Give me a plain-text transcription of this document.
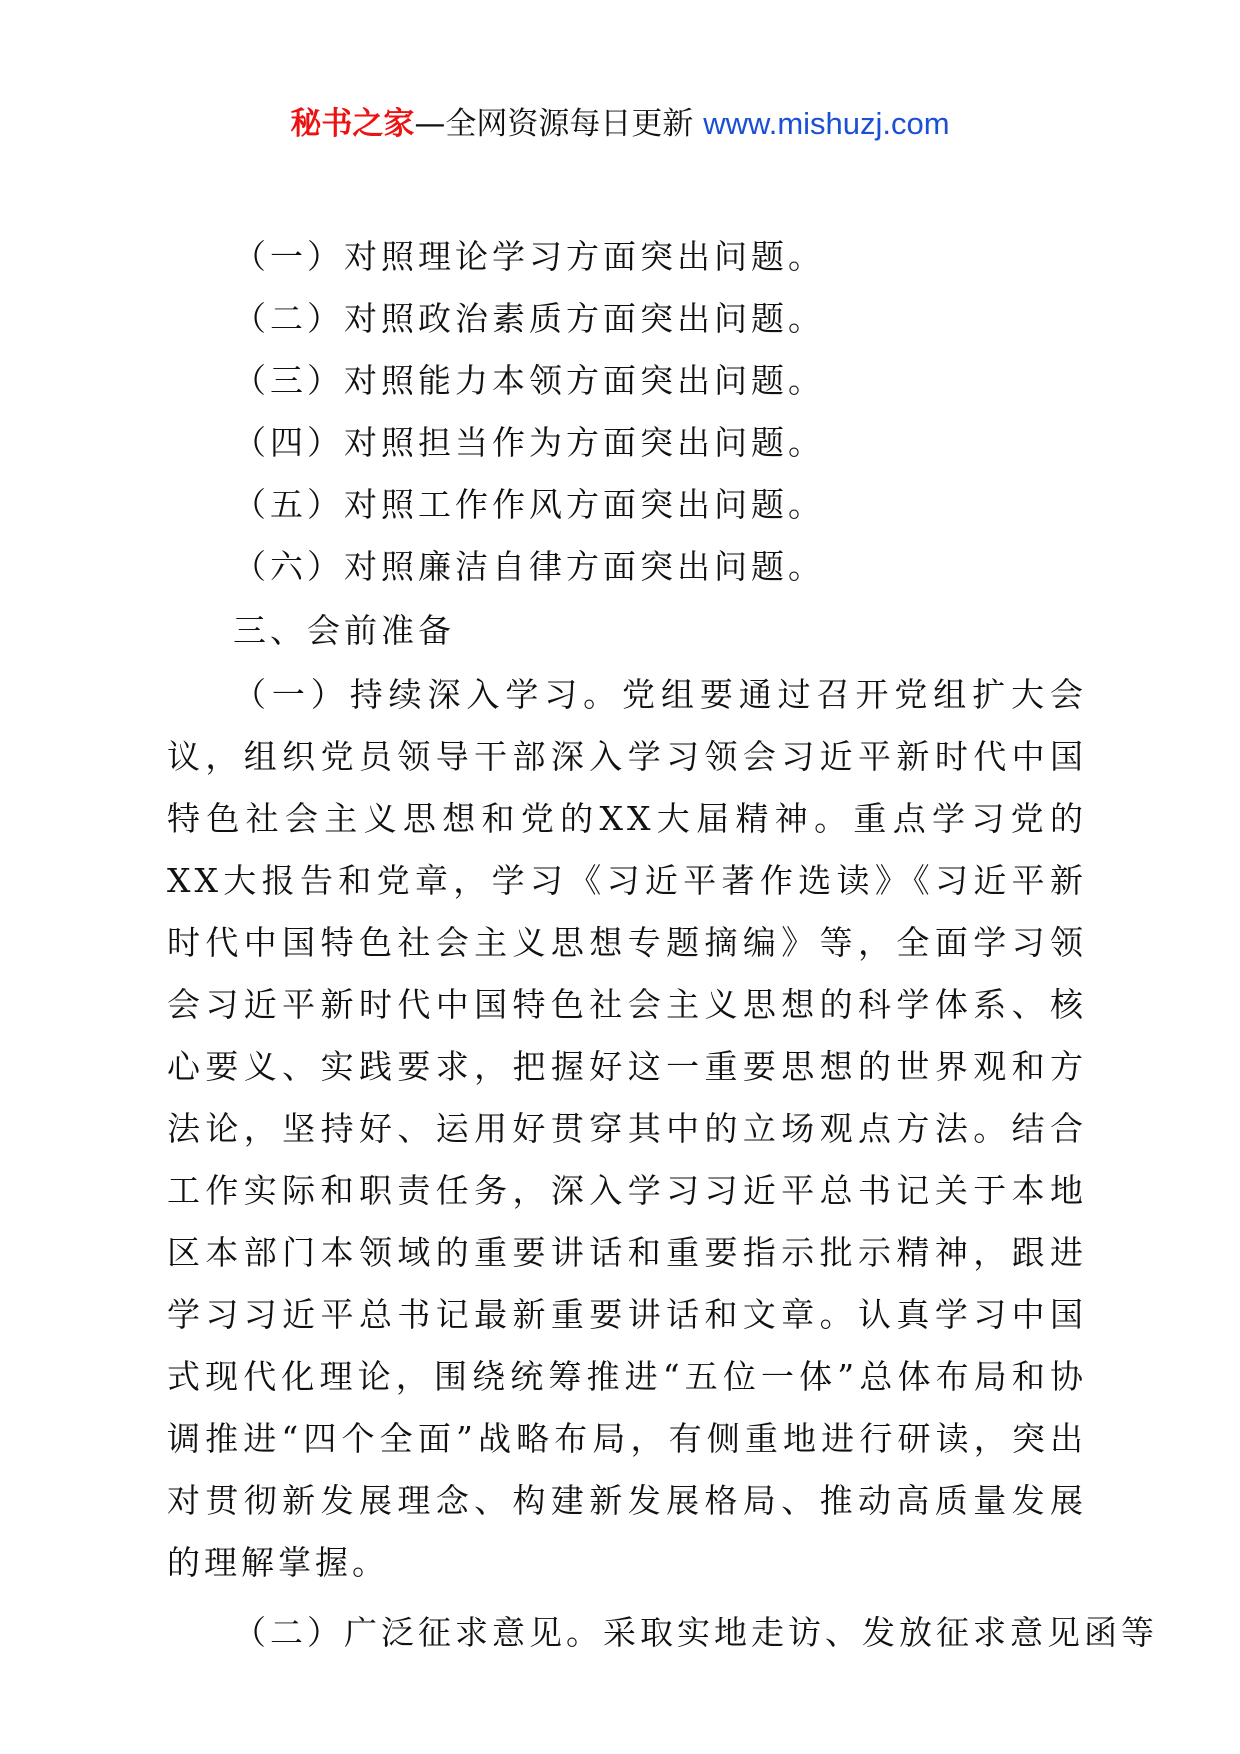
秘书之家—全网资源每日更新 www.mishuzj.com
（一）对照理论学习方面突出问题。
（二）对照政治素质方面突出问题。
（三）对照能力本领方面突出问题。
（四）对照担当作为方面突出问题。
（五）对照工作作风方面突出问题。
（六）对照廉洁自律方面突出问题。
三、会前准备

（一）持续深入学习。党组要通过召开党组扩大会议，组织党员领导干部深入学习领会习近平新时代中国特色社会主义思想和党的XX大届精神。重点学习党的XX大报告和党章，学习《习近平著作选读》《习近平新时代中国特色社会主义思想专题摘编》等，全面学习领会习近平新时代中国特色社会主义思想的科学体系、核心要义、实践要求，把握好这一重要思想的世界观和方法论，坚持好、运用好贯穿其中的立场观点方法。结合工作实际和职责任务，深入学习习近平总书记关于本地区本部门本领域的重要讲话和重要指示批示精神，跟进学习习近平总书记最新重要讲话和文章。认真学习中国式现代化理论，围绕统筹推进“五位一体”总体布局和协调推进“四个全面”战略布局，有侧重地进行研读，突出对贯彻新发展理念、构建新发展格局、推动高质量发展的理解掌握。

（二）广泛征求意见。采取实地走访、发放征求意见函等
